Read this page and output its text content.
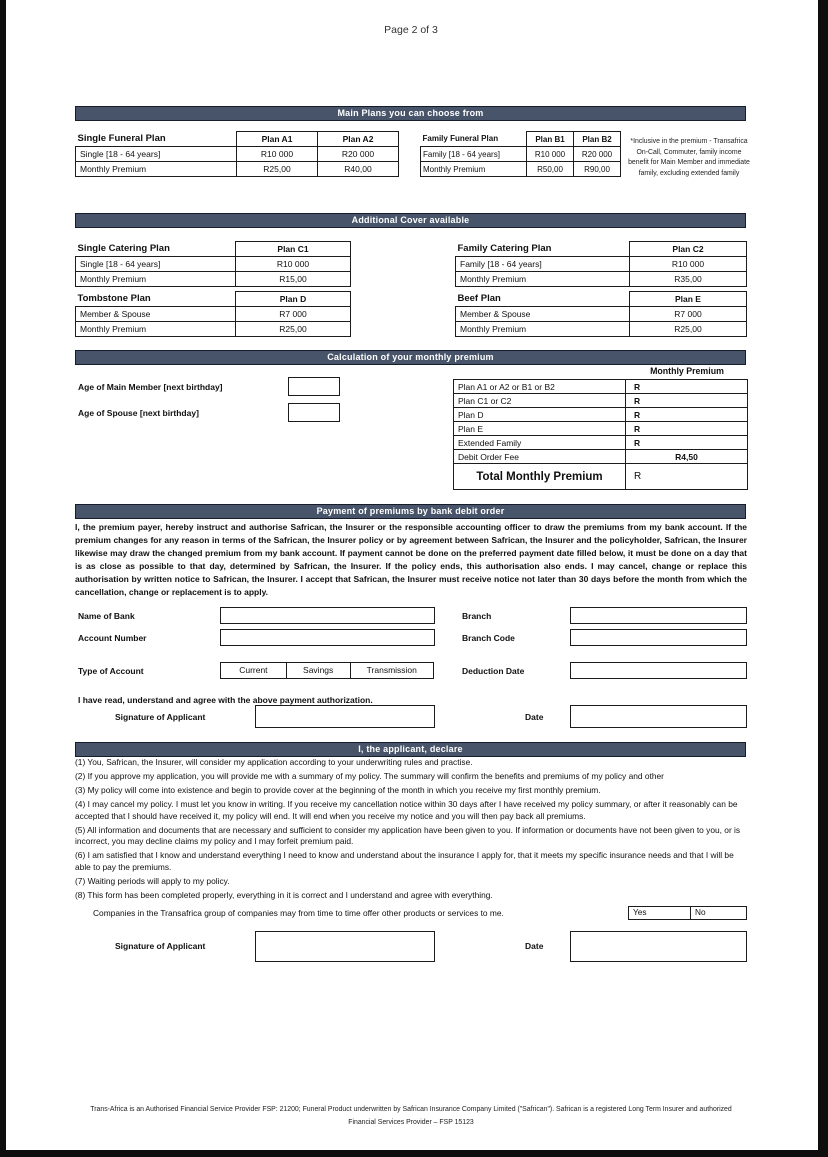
Page 2 of 3
Main Plans you can choose from
Single Funeral Plan	Plan A1	Plan A2
Single [18 - 64 years]	R10 000	R20 000
Monthly Premium	R25,00	R40,00
Family Funeral Plan	Plan B1	Plan B2
Family [18 - 64 years]	R10 000	R20 000
Monthly Premium	R50,00	R90,00
*Inclusive in the premium - Transafrica On-Call, Commuter, family income benefit for Main Member and immediate family, excluding extended family
Additional Cover available
Single Catering Plan	Plan C1
Single [18 - 64 years]	R10 000
Monthly Premium	R15,00
Family Catering Plan	Plan C2
Family [18 - 64 years]	R10 000
Monthly Premium	R35,00
Tombstone Plan	Plan D
Member & Spouse	R7 000
Monthly Premium	R25,00
Beef Plan	Plan E
Member & Spouse	R7 000
Monthly Premium	R25,00
Calculation of your monthly premium
Age of Main Member [next birthday]
Age of Spouse [next birthday]
Monthly Premium
Plan A1 or A2 or B1 or B2	R
Plan C1 or C2	R
Plan D	R
Plan E	R
Extended Family	R
Debit Order Fee	R4,50
Total Monthly Premium	R
Payment of premiums by bank debit order
I, the premium payer, hereby instruct and authorise Safrican, the Insurer or the responsible accounting officer to draw the premiums from my bank account. If the premium changes for any reason in terms of the Safrican, the Insurer policy or by agreement between Safrican, the Insurer and the policyholder, Safrican, the Insurer likewise may draw the changed premium from my bank account. If payment cannot be done on the preferred payment date filled below, it must be done on a day that is as close as possible to that day, determined by Safrican, the Insurer. If the policy ends, this authorisation also ends. I may cancel, change or replace this authorisation by written notice to Safrican, the Insurer. I accept that Safrican, the Insurer must receive notice not later than 30 days before the month from which the cancellation, change or replacement is to apply.
Name of Bank	Branch
Account Number	Branch Code
Type of Account	Current	Savings	Transmission	Deduction Date
I have read, understand and agree with the above payment authorization.
Signature of Applicant	Date
I, the applicant, declare
(1) You, Safrican, the Insurer, will consider my application according to your underwriting rules and practise.
(2) If you approve my application, you will provide me with a summary of my policy. The summary will confirm the benefits and premiums of my policy and other
(3) My policy will come into existence and begin to provide cover at the beginning of the month in which you receive my first monthly premium.
(4) I may cancel my policy. I must let you know in writing. If you receive my cancellation notice within 30 days after I have received my policy summary, or after it reasonably can be accepted that I should have received it, my policy will end. It will end when you receive my notice and you will then pay back all premiums.
(5) All information and documents that are necessary and sufficient to consider my application have been given to you. If information or documents have not been given to you, or is incorrect, you may decline claims my policy and I may forfeit premium paid.
(6) I am satisfied that I know and understand everything I need to know and understand about the insurance I apply for, that it meets my specific insurance needs and that I will be able to pay the premiums.
(7) Waiting periods will apply to my policy.
(8) This form has been completed properly, everything in it is correct and I understand and agree with everything.
Companies in the Transafrica group of companies may from time to time offer other products or services to me.	Yes	No
Signature of Applicant	Date
Trans-Africa is an Authorised Financial Service Provider FSP: 21200; Funeral Product underwritten by Safrican Insurance Company Limited ("Safrican"). Safrican is a registered Long Term Insurer and authorized
Financial Services Provider – FSP 15123
